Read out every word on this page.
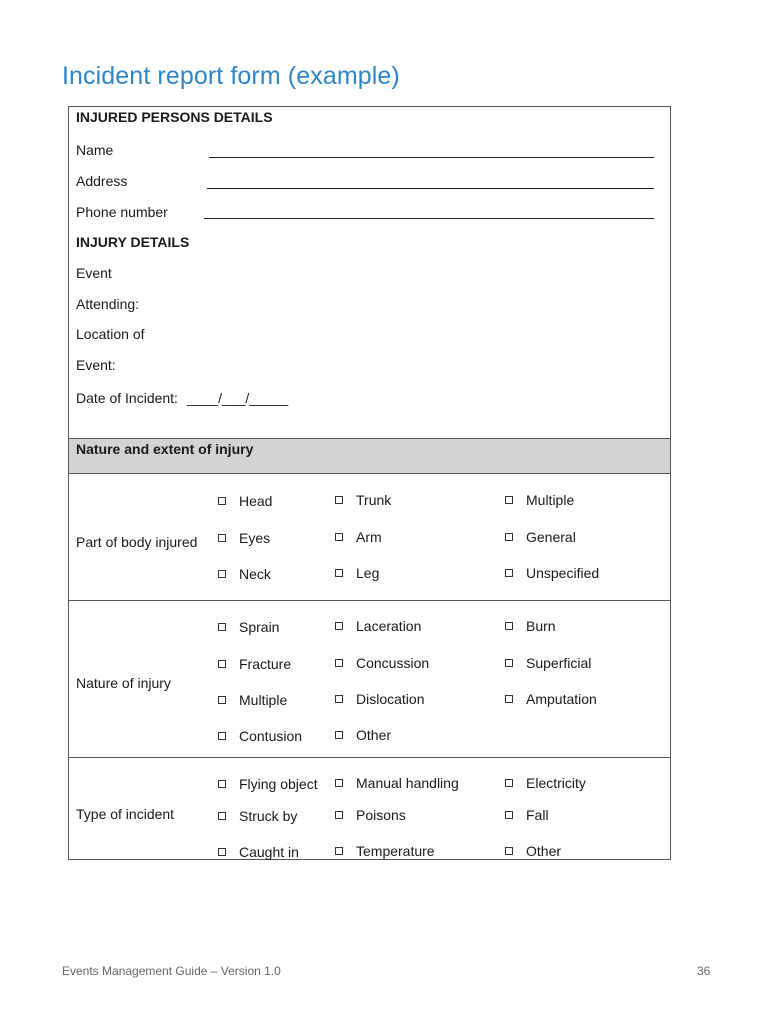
Incident report form (example)
INJURED PERSONS DETAILS
Name
Address
Phone number
INJURY DETAILS
Event
Attending:
Location of
Event:
Date of Incident: ____/___/_____
Nature and extent of injury
Part of body injured
Head	Trunk	Multiple
Eyes	Arm	General
Neck	Leg	Unspecified
Nature of injury
Sprain	Laceration	Burn
Fracture	Concussion	Superficial
Multiple	Dislocation	Amputation
Contusion	Other
Type of incident
Flying object	Manual handling	Electricity
Struck by	Poisons	Fall
Caught in	Temperature	Other
Events Management Guide – Version 1.0	36
